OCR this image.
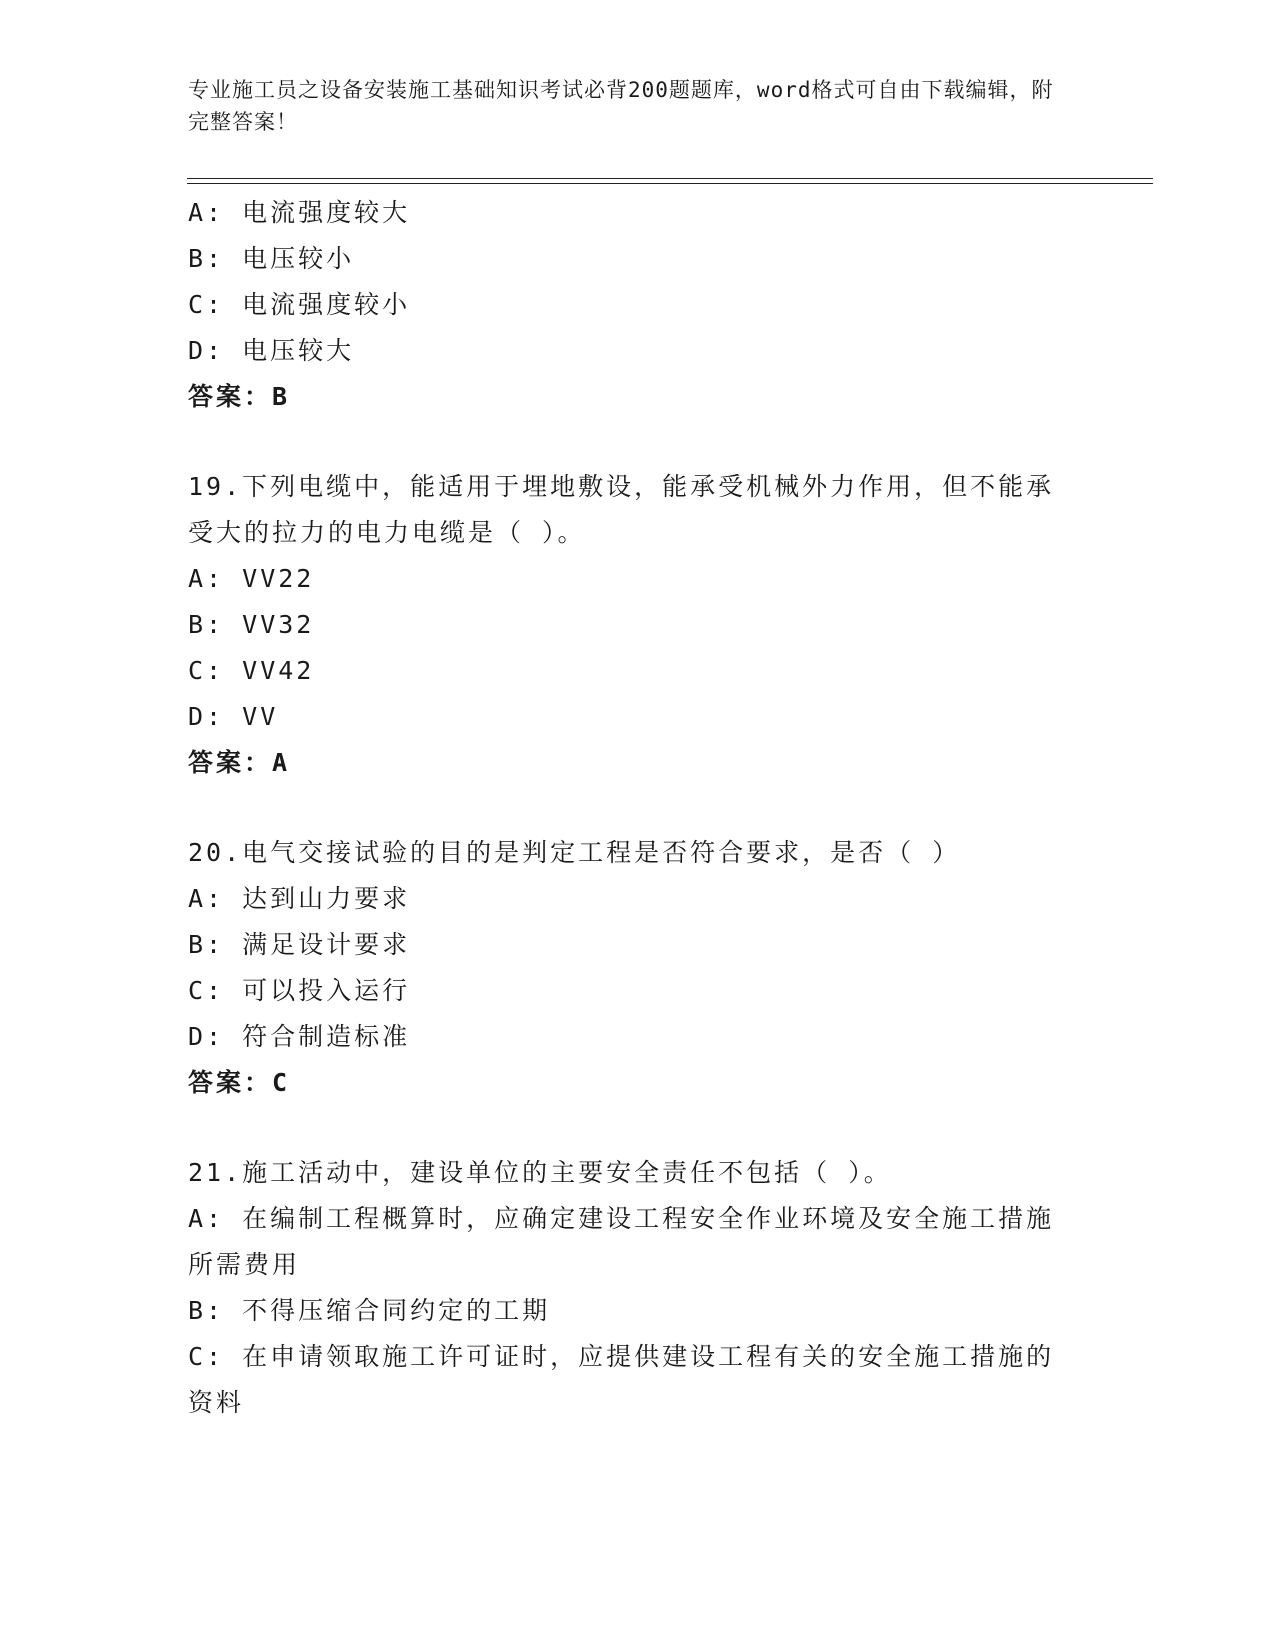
专业施工员之设备安装施工基础知识考试必背200题题库，word格式可自由下载编辑，附完整答案！
A: 电流强度较大
B: 电压较小
C: 电流强度较小
D: 电压较大
答案：B
19.下列电缆中，能适用于埋地敷设，能承受机械外力作用，但不能承
受大的拉力的电力电缆是（ ）。
A: VV22
B: VV32
C: VV42
D: VV
答案：A
20.电气交接试验的目的是判定工程是否符合要求，是否（ ）
A: 达到山力要求
B: 满足设计要求
C: 可以投入运行
D: 符合制造标准
答案：C
21.施工活动中，建设单位的主要安全责任不包括（ ）。
A: 在编制工程概算时，应确定建设工程安全作业环境及安全施工措施
所需费用
B: 不得压缩合同约定的工期
C: 在申请领取施工许可证时，应提供建设工程有关的安全施工措施的
资料
